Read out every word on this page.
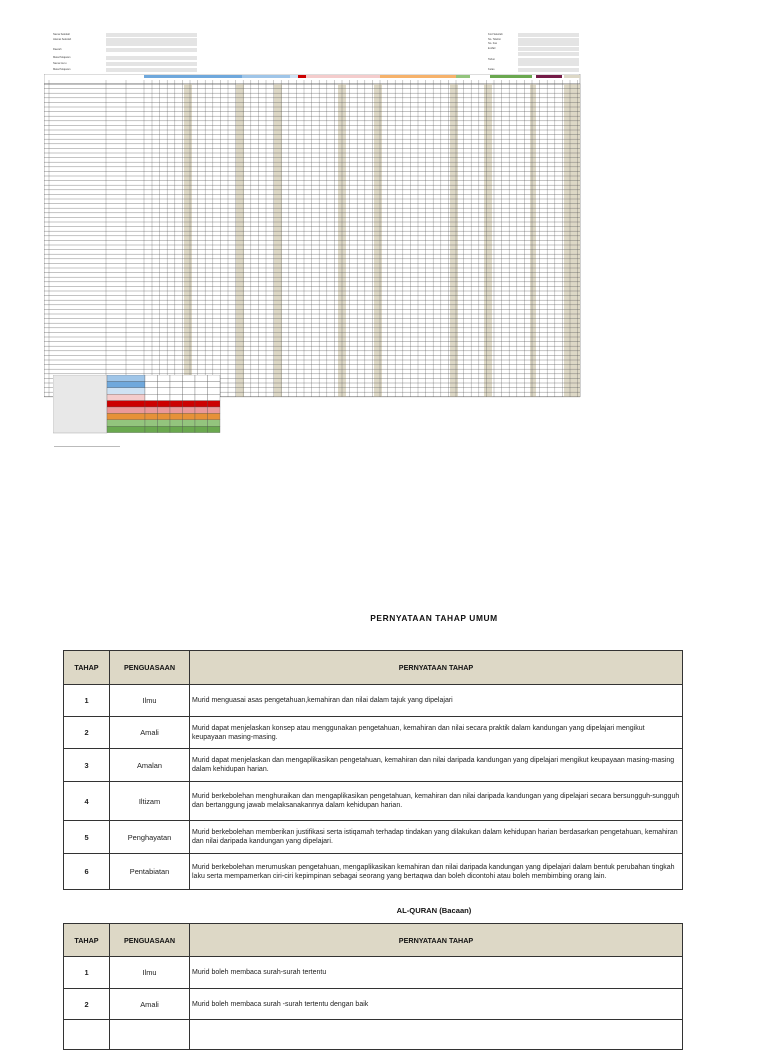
Nama Sekolah
Alamat Sekolah
Daerah
Mata Pelajaran
Nama Guru
Mata Pelajaran
Kod Sekolah
No. Telefon
No. Fax
E-Mail
Tahun
Kelas
PERNYATAAN TAHAP UMUM
TAHAP	PENGUASAAN	PERNYATAAN TAHAP
1	Ilmu	Murid menguasai asas pengetahuan,kemahiran dan nilai dalam tajuk yang dipelajari
2	Amali	Murid dapat menjelaskan konsep atau menggunakan pengetahuan, kemahiran dan nilai secara praktik dalam kandungan yang dipelajari mengikut keupayaan masing-masing.
3	Amalan	Murid dapat menjelaskan dan mengaplikasikan pengetahuan, kemahiran dan nilai daripada kandungan yang dipelajari mengikut keupayaan masing-masing dalam kehidupan harian.
4	Iltizam	Murid berkebolehan menghuraikan dan mengaplikasikan pengetahuan, kemahiran dan nilai daripada kandungan yang dipelajari secara bersungguh-sungguh dan bertanggung jawab melaksanakannya dalam kehidupan harian.
5	Penghayatan	Murid berkebolehan memberikan justifikasi serta istiqamah terhadap tindakan yang dilakukan dalam kehidupan harian berdasarkan pengetahuan, kemahiran dan nilai daripada kandungan yang dipelajari.
6	Pentabiatan	Murid berkebolehan merumuskan pengetahuan, mengaplikasikan kemahiran dan nilai daripada kandungan yang dipelajari dalam bentuk perubahan tingkah laku serta mempamerkan ciri-ciri kepimpinan sebagai seorang yang bertaqwa dan boleh dicontohi atau boleh membimbing orang lain.
AL-QURAN (Bacaan)
TAHAP	PENGUASAAN	PERNYATAAN TAHAP
1	Ilmu	Murid boleh membaca surah-surah tertentu
2	Amali	Murid boleh membaca surah -surah tertentu dengan baik
